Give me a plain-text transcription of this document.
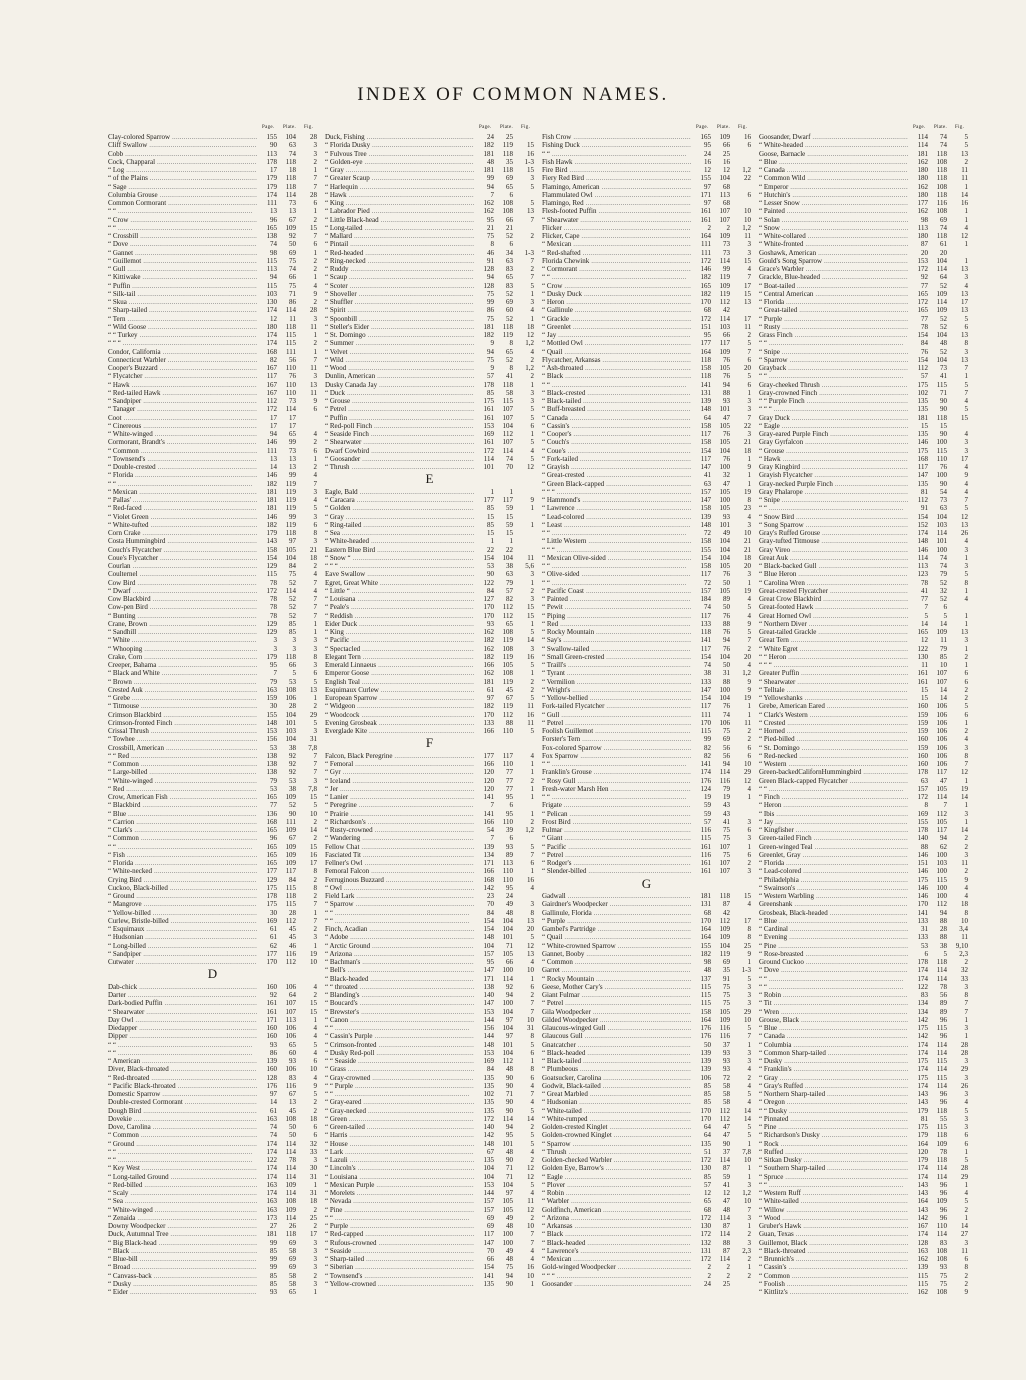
INDEX OF COMMON NAMES.
Page. Plate. Fig.
Clay-colored Sparrow .....	155	104	28
Cliff Swallow .....	90	63	3
Cobb .....	113	74	3
Cock, Chapparal .....	178	118	2
“ Log .....	17	18	1
“ of the Plains .....	179	118	7
“ Sage .....	179	118	7
Columbia Grouse .....	174	114	28
Common Cormorant .....	111	73	6
“ “ .....	13	13	1
“ Crow .....	96	67	2
“ “ .....	165	109	15
“ Crossbill .....	138	92	7
“ Dove .....	74	50	6
“ Gannet .....	98	69	1
“ Guillemot .....	115	75	2
“ Gull .....	113	74	2
“ Kittiwake .....	94	66	1
“ Puffin .....	115	75	4
“ Silk-tail .....	103	71	9
“ Skua .....	130	86	2
“ Sharp-tailed .....	174	114	28
“ Tern .....	12	11	3
“ Wild Goose .....	180	118	11
“ “ Turkey .....	174	115	1
“ “ “ .....	174	115	2
Condor, California .....	168	111	1
Connecticut Warbler .....	82	56	7
Cooper's Buzzard .....	167	110	11
“ Flycatcher .....	117	76	3
“ Hawk .....	167	110	13
“ Red-tailed Hawk .....	167	110	11
“ Sandpiper .....	112	73	9
“ Tanager .....	172	114	6
Coot .....	17	17
“ Cinereous .....	17	17
“ White-winged .....	94	65	4
Cormorant, Brandt's .....	146	99	2
“ Common .....	111	73	6
“ Townsend's .....	13	13	1
“ Double-crested .....	14	13	2
“ Florida .....	146	99	4
“ “ .....	182	119	7
“ Mexican .....	181	119	3
“ Pallas' .....	181	119	4
“ Red-faced .....	181	119	5
“ Violet Green .....	146	99	3
“ White-tufted .....	182	119	6
Corn Crake .....	179	118	8
Costa Hummingbird .....	143	97	3
Couch's Flycatcher .....	158	105	21
Coue's Flycatcher .....	154	104	18
Courlan .....	129	84	2
Coulternel .....	115	75	4
Cow Bird .....	78	52	7
“ Dwarf .....	172	114	4
Cow Blackbird .....	78	52	7
Cow-pen Bird .....	78	52	7
“ Bunting .....	78	52	7
Crane, Brown .....	129	85	1
“ Sandhill .....	129	85	1
“ White .....	3	3	3
“ Whooping .....	3	3	3
Crake, Corn .....	179	118	8
Creeper, Bahama .....	95	66	3
“ Black and White .....	7	5	6
“ Brown .....	79	53	5
Crested Auk .....	163	108	13
“ Grebe .....	159	106	1
“ Titmouse .....	30	28	2
Crimson Blackbird .....	155	104	29
Crimson-fronted Finch .....	148	101	5
Crissal Thrush .....	153	103	3
“ Towhee .....	156	104	31
Crossbill, American .....	53	38	7,8
“ “ Red .....	138	92	7
“ Common .....	138	92	7
“ Large-billed .....	138	92	7
“ White-winged .....	79	53	3
“ Red .....	53	38	7,8
Crow, American Fish .....	165	109	15
“ Blackbird .....	77	52	5
“ Blue .....	136	90	10
“ Carrion .....	168	111	2
“ Clark's .....	165	109	14
“ Common .....	96	67	2
“ “ .....	165	109	15
“ Fish .....	165	109	16
“ Florida .....	165	109	17
“ White-necked .....	177	117	8
Crying Bird .....	129	84	2
Cuckoo, Black-billed .....	175	115	8
“ Ground .....	178	118	2
“ Mangrove .....	175	115	7
“ Yellow-billed .....	30	28	1
Curlew, Bristle-billed .....	169	112	7
“ Esquimaux .....	61	45	2
“ Hudsonian .....	61	45	3
“ Long-billed .....	62	46	1
“ Sandpiper .....	177	116	19
Cutwater .....	170	112	10
D
Dab-chick .....	160	106	4
Darter .....	92	64	2
Dark-bodied Puffin .....	161	107	15
“ Shearwater .....	161	107	15
Day Owl .....	171	113	1
Diedapper .....	160	106	4
Dipper .....	160	106	4
“ “ .....	93	65	5
“ “ .....	86	60	4
“ American .....	139	93	6
Diver, Black-throated .....	160	106	10
“ Red-throated .....	128	83	4
“ Pacific Black-throated .....	176	116	9
Domestic Sparrow .....	97	67	5
Double-crested Cormorant .....	14	13	2
Dough Bird .....	61	45	2
Dovekie .....	163	108	18
Dove, Carolina .....	74	50	6
“ Common .....	74	50	6
“ Ground .....	174	114	32
“ “ .....	174	114	33
“ “ .....	122	78	3
“ Key West .....	174	114	30
“ Long-tailed Ground .....	174	114	31
“ Red-billed .....	163	109	1
“ Scaly .....	174	114	31
“ Sea .....	163	108	18
“ White-winged .....	163	109	2
“ Zenaida .....	173	114	25
Downy Woodpecker .....	27	26	2
Duck, Autumnal Tree .....	181	118	17
“ Big Black-head .....	99	69	3
“ Black .....	85	58	3
“ Blue-bill .....	99	69	3
“ Broad .....	99	69	3
“ Canvass-back .....	85	58	2
“ Dusky .....	85	58	3
“ Eider .....	93	65	1
Page. Plate. Fig.
Duck, Fishing .....	24	25
“ Florida Dusky .....	182	119	15
“ Fulvous Tree .....	181	118	16
“ Golden-eye .....	48	35	1-3
“ Gray .....	181	118	15
“ Greater Scaup .....	99	69	3
“ Harlequin .....	94	65	5
“ Hawk .....	7	6
“ King .....	162	108	5
“ Labrador Pied .....	162	108	13
“ Little Black-head .....	95	66	7
“ Long-tailed .....	21	21
“ Mallard .....	75	52	2
“ Pintail .....	8	6
“ Red-headed .....	46	34	1-3
“ Ring-necked .....	91	63	7
“ Ruddy .....	128	83	2
“ Scaup .....	94	65	7
“ Scoter .....	128	83	5
“ Shoveller .....	75	52	1
“ Shuffler .....	99	69	3
“ Spirit .....	86	60	4
“ Spoonbill .....	75	52	1
“ Steller's Eider .....	181	118	18
“ St. Domingo .....	182	119	12
“ Summer .....	9	8	1,2
“ Velvet .....	94	65	4
“ Wild .....	75	52	2
“ Wood .....	9	8	1,2
Dunlin, American .....	57	41	2
Dusky Canada Jay .....	178	118	1
“ Duck .....	85	58	3
“ Grouse .....	175	115	3
“ Petrel .....	161	107	5
“ Puffin .....	161	107	5
“ Red-poll Finch .....	153	104	6
“ Seaside Finch .....	169	112	1
“ Shearwater .....	161	107	5
Dwarf Cowbird .....	172	114	4
“ Goosander .....	114	74	5
“ Thrush .....	101	70	12
E
Eagle, Bald .....	1	1
“ Caracara .....	177	117	9
“ Golden .....	85	59	1
“ Gray .....	15	15
“ Ring-tailed .....	85	59	1
“ Sea .....	15	15
“ White-headed .....	1	1
Eastern Blue Bird .....	22	22
“ Snow “ .....	154	104	11
“ “ “ .....	53	38	5,6
Eave Swallow .....	90	63	3
Egret, Great White .....	122	79	1
“ Little “ .....	84	57	2
“ Louisana .....	127	82	3
“ Peale's .....	170	112	15
“ Reddish .....	170	112	15
Eider Duck .....	93	65	1
“ King .....	162	108	5
“ Pacific .....	182	119	14
“ Spectacled .....	162	108	3
Elegant Tern .....	182	119	16
Emerald Linnaeus .....	166	105	5
Emperor Goose .....	162	108	1
English Teal .....	181	119	2
Esquimaux Curlew .....	61	45	2
European Sparrow .....	97	67	5
“ Widgeon .....	182	119	11
“ Woodcock .....	170	112	16
Evening Grosbeak .....	133	88	11
Everglade Kite .....	166	110	5
F
Falcon, Black Peregrine .....	177	117	4
“ Femoral .....	166	110	1
“ Gyr .....	120	77	1
“ Iceland .....	120	77	2
“ Jer .....	120	77	1
“ Lanier .....	141	95	1
“ Peregrine .....	7	6
“ Prairie .....	141	95	1
“ Richardson's .....	166	110	2
“ Rusty-crowned .....	54	39	1,2
“ Wandering .....	7	6
Fellow Chat .....	139	93	5
Fasciated Tit .....	134	89	7
Fellner's Owl .....	171	113	6
Femoral Falcon .....	166	110	1
Ferruginous Buzzard .....	168	110	16
“ Owl .....	142	95	4
Field Lark .....	23	24
“ Sparrow .....	70	49	3
“ “ .....	84	48	8
“ “ .....	154	104	13
Finch, Acadian .....	154	104	20
“ Adobe .....	148	101	5
“ Arctic Ground .....	104	71	12
“ Arizona .....	157	105	13
“ Bachman's .....	95	66	4
“ Bell's .....	147	100	10
“ Black-headed .....	171	114	1
“ “ throated .....	138	92	6
“ Blanding's .....	140	94	2
“ Boucard's .....	147	100	7
“ Brewster's .....	153	104	7
“ Canon .....	144	97	10
“ “ .....	156	104	31
“ Cassin's Purple .....	144	97	8
“ Crimson-fronted .....	148	101	5
“ Dusky Red-poll .....	153	104	6
“ “ Seaside .....	169	112	1
“ Grass .....	84	48	8
“ Gray-crowned .....	135	90	6
“ “ Purple .....	135	90	4
“ “ .....	102	71	7
“ Gray-eared .....	135	90	4
“ Gray-necked .....	135	90	5
“ Green .....	172	114	14
“ Green-tailed .....	140	94	2
“ Harris .....	142	95	5
“ House .....	148	101	5
“ Lark .....	67	48	4
“ Lazuli .....	135	90	2
“ Lincoln's .....	104	71	12
“ Louisiana .....	104	71	12
“ Mexican Purple .....	153	104	5
“ Morelets .....	144	97	4
“ Nevada .....	157	105	11
“ Pine .....	157	105	12
“ “ .....	69	49	2
“ Purple .....	69	48	10
“ Red-capped .....	117	100	7
“ Rufous-crowned .....	147	100	7
“ Seaside .....	70	49	4
“ Sharp-tailed .....	66	48	4
“ Siberian .....	154	75	16
“ Townsend's .....	141	94	10
“ Yellow-crowned .....	135	90	1
Page. Plate. Fig.
Fish Crow .....	165	109	16
Fishing Duck .....	95	66	6
“ “ .....	24	25
Fish Hawk .....	16	16
Fire Bird .....	12	12	1,2
Fiery Red Bird .....	155	104	22
Flamingo, American .....	97	68
Flammulated Owl .....	171	113	6
Flamingo, Red .....	97	68
Flesh-footed Puffin .....	161	107	10
“ Shearwater .....	161	107	10
Flicker .....	2	2	1,2
Flicker, Cape .....	164	109	11
“ Mexican .....	111	73	3
“ Red-shafted .....	111	73	3
Florida Chewink .....	172	114	15
“ Cormorant .....	146	99	4
“ “ .....	182	119	7
“ Crow .....	165	109	17
“ Dusky Duck .....	182	119	15
“ Heron .....	170	112	13
“ Gallinule .....	68	42
“ Grackle .....	172	114	17
“ Greenlet .....	151	103	11
“ Jay .....	95	66	2
“ Mottled Owl .....	177	117	5
“ Quail .....	164	109	7
Flycatcher, Arkansas .....	118	76	6
“ Ash-throated .....	158	105	20
“ Black .....	118	76	5
“ “ .....	141	94	6
“ Black-crested .....	131	88	1
“ Black-tailed .....	139	93	3
“ Buff-breasted .....	148	101	3
“ Canada .....	64	47	7
“ Cassin's .....	158	105	22
“ Cooper's .....	117	76	3
“ Couch's .....	158	105	21
“ Coue's .....	154	104	18
“ Fork-tailed .....	117	76	1
“ Grayish .....	147	100	9
“ Great-crested .....	41	32	1
“ Green Black-capped .....	63	47	1
“ “ “ .....	157	105	19
“ Hammond's .....	147	100	8
“ Lawrence .....	158	105	23
“ Lead-colored .....	139	93	4
“ Least .....	148	101	3
“ “ .....	72	49	10
“ Little Western .....	158	104	21
“ “ “ .....	155	104	21
“ Mexican Olive-sided .....	154	104	18
“ “ .....	158	105	20
“ Olive-sided .....	117	76	3
“ “ .....	72	50	1
“ Pacific Coast .....	157	105	19
“ Painted .....	184	89	4
“ Pewit .....	74	50	5
“ Piping .....	117	76	4
“ Red .....	133	88	9
“ Rocky Mountain .....	118	76	5
“ Say's .....	141	94	7
“ Swallow-tailed .....	117	76	2
“ Small Green-crested .....	154	104	20
“ Traill's .....	74	50	4
“ Tyrant .....	38	31	1,2
“ Vermilion .....	133	88	9
“ Wright's .....	147	100	9
“ Yellow-bellied .....	154	104	19
Fork-tailed Flycatcher .....	117	76	1
“ Gull .....	111	74	1
“ Petrel .....	170	106	11
Foolish Guillemot .....	115	75	2
Forster's Tern .....	99	69	2
Fox-colored Sparrow .....	82	56	6
Fox Sparrow .....	82	56	6
“ “ .....	141	94	10
Franklin's Grouse .....	174	114	29
“ Rosy Gull .....	176	116	12
Fresh-water Marsh Hen .....	124	79	4
“ “ .....	19	19	1
Frigate .....	59	43
“ Pelican .....	59	43
Frost Bird .....	57	41	3
Fulmar .....	116	75	6
“ Giant .....	115	75	3
“ Pacific .....	161	107	1
“ Petrel .....	116	75	6
“ Rodger's .....	161	107	2
“ Slender-billed .....	161	107	3
G
Gadwall .....	181	118	15
Gairdner's Woodpecker .....	131	87	4
Gallinule, Florida .....	68	42
“ Purple .....	170	112	17
Gambel's Partridge .....	164	109	8
“ Quail .....	164	109	8
“ White-crowned Sparrow .....	155	104	25
Gannet, Booby .....	182	119	9
“ Common .....	98	69	1
Garret .....	48	35	1-3
“ Rocky Mountain .....	137	91	5
Geese, Mother Cary's .....	115	75	3
Giant Fulmar .....	115	75	3
“ Petrel .....	115	75	3
Gila Woodpecker .....	158	105	29
Gilded Woodpecker .....	164	109	10
Glaucous-winged Gull .....	176	116	5
Glaucous Gull .....	176	116	7
Gnatcatcher .....	50	37	1
“ Black-headed .....	139	93	3
“ Black-tailed .....	139	93	3
“ Plumbeous .....	139	93	4
Goatsucker, Carolina .....	106	72	2
Godwit, Black-tailed .....	85	58	4
“ Great Marbled .....	85	58	5
“ Hudsonian .....	85	58	4
“ White-tailed .....	170	112	14
“ White-rumped .....	170	112	14
Golden-crested Kinglet .....	64	47	5
Golden-crowned Kinglet .....	64	47	5
“ Sparrow .....	135	90	1
“ Thrush .....	51	37	7,8
Golden-checked Warbler .....	172	114	10
Golden Eye, Barrow's .....	130	87	1
“ Eagle .....	85	59	1
“ Plover .....	57	41	3
“ Robin .....	12	12	1,2
“ Warbler .....	65	47	10
Goldfinch, American .....	68	48	7
“ Arizona .....	172	114	3
“ Arkansas .....	130	87	1
“ Black .....	172	114	2
“ Black-headed .....	132	88	3
“ Lawrence's .....	131	87	2,3
“ Mexican .....	172	114	2
Gold-winged Woodpecker .....	2	2	1
“ “ “ .....	2	2	2
Goosander .....	24	25
Page. Plate. Fig.
Goosander, Dwarf .....	114	74	5
“ White-headed .....	114	74	5
Goose, Barnacle .....	181	118	13
“ Blue .....	162	108	2
“ Canada .....	180	118	11
“ Common Wild .....	180	118	11
“ Emperor .....	162	108	1
“ Hutchin's .....	180	118	14
“ Lesser Snow .....	177	116	16
“ Painted .....	162	108	1
“ Solan .....	98	69	1
“ Snow .....	113	74	4
“ White-collared .....	180	118	12
“ White-fronted .....	87	61	1
Goshawk, American .....	20	20
Gould's Song Sparrow .....	153	104	1
Grace's Warbler .....	172	114	13
Grackle, Blue-headed .....	92	64	3
“ Boat-tailed .....	77	52	4
“ Central American .....	165	109	13
“ Florida .....	172	114	17
“ Great-tailed .....	165	109	13
“ Purple .....	77	52	5
“ Rusty .....	78	52	6
Grass Finch .....	154	104	13
“ “ .....	84	48	8
“ Snipe .....	76	52	3
“ Sparrow .....	154	104	13
Grayback .....	112	73	7
“ “ .....	57	41	1
Gray-cheeked Thrush .....	175	115	5
Gray-crowned Finch .....	102	71	7
“ “ Purple Finch .....	135	90	4
“ “ “ .....	135	90	5
Gray Duck .....	181	118	15
“ Eagle .....	15	15
Gray-eared Purple Finch .....	135	90	4
Gray Gyrfalcon .....	146	100	3
“ Grouse .....	175	115	3
“ Hawk .....	168	110	17
Gray Kingbird .....	117	76	4
Grayish Flycatcher .....	147	100	9
Gray-necked Purple Finch .....	135	90	4
Gray Phalarope .....	81	54	4
“ Snipe .....	112	73	7
“ “ .....	91	63	5
“ Snow Bird .....	154	104	12
“ Song Sparrow .....	152	103	13
Gray's Ruffed Grouse .....	174	114	26
Gray-tufted Titmouse .....	148	101	4
Gray Vireo .....	146	100	3
Great Auk .....	114	74	1
“ Black-backed Gull .....	113	74	3
“ Blue Heron .....	123	79	5
“ Carolina Wren .....	78	52	8
Great-crested Flycatcher .....	41	32	1
Great Crow Blackbird .....	77	52	4
Great-footed Hawk .....	7	6
Great Horned Owl .....	5	5	1
“ Northern Diver .....	14	14	1
Great-tailed Grackle .....	165	109	13
Great Tern .....	12	11	3
“ White Egret .....	122	79	1
“ “ Heron .....	130	85	2
“ “ “ .....	11	10	1
Greater Puffin .....	161	107	6
“ Shearwater .....	161	107	6
“ Telltale .....	15	14	2
“ Yellowshanks .....	15	14	2
Grebe, American Eared .....	160	106	5
“ Clark's Western .....	159	106	6
“ Crested .....	159	106	1
“ Horned .....	159	106	2
“ Pied-billed .....	160	106	4
“ St. Domingo .....	159	106	3
“ Red-necked .....	160	106	8
“ Western .....	160	106	7
Green-backedCalifornHummingbird .....	178	117	12
Green Black-capped Flycatcher .....	63	47	1
“ “ .....	157	105	19
“ Finch .....	172	114	14
“ Heron .....	8	7	1
“ Ibis .....	169	112	3
“ Jay .....	155	105	1
“ Kingfisher .....	178	117	14
Green-tailed Finch .....	140	94	2
Green-winged Teal .....	88	62	2
Greenlet, Gray .....	146	100	3
“ Florida .....	151	103	11
“ Lead-colored .....	146	100	2
“ Philadelphia .....	175	115	9
“ Swainson's .....	146	100	4
“ Western Warbling .....	146	100	4
Greenshank .....	170	112	18
Grosbeak, Black-headed .....	141	94	8
“ Blue .....	133	88	10
“ Cardinal .....	31	28	3,4
“ Evening .....	133	88	11
“ Pine .....	53	38	9,10
“ Rose-breasted .....	6	5	2,3
Ground Cuckoo .....	178	118	2
“ Dove .....	174	114	32
“ “ .....	174	114	33
“ “ .....	122	78	3
“ Robin .....	83	56	8
“ Tit .....	134	89	7
“ Wren .....	134	89	7
Grouse, Black .....	142	96	1
“ Blue .....	175	115	3
“ Canada .....	142	96	1
“ Columbia .....	174	114	28
“ Common Sharp-tailed .....	174	114	28
“ Dusky .....	175	115	3
“ Franklin's .....	174	114	29
“ Gray .....	175	115	3
“ Gray's Ruffed .....	174	114	26
“ Northern Sharp-tailed .....	143	96	3
“ Oregon .....	143	96	4
“ “ Dusky .....	179	118	5
“ Pinnated .....	81	55	3
“ Pine .....	175	115	3
“ Richardson's Dusky .....	179	118	6
“ Rock .....	164	109	6
“ Ruffed .....	120	78	1
“ Sitkan Dusky .....	179	118	5
“ Southern Sharp-tailed .....	174	114	28
“ Spruce .....	174	114	29
“ “ .....	143	96	1
“ Western Ruff .....	143	96	4
“ White-tailed .....	164	109	5
“ Willow .....	143	96	2
“ Wood .....	142	96	1
Gruber's Hawk .....	167	110	14
Guan, Texas .....	174	114	27
Guillemot, Black .....	128	83	3
“ Black-throated .....	163	108	11
“ Brunnich's .....	162	108	6
“ Cassin's .....	139	93	8
“ Common .....	115	75	2
“ Foolish .....	115	75	2
“ Kittlitz's .....	162	108	9
